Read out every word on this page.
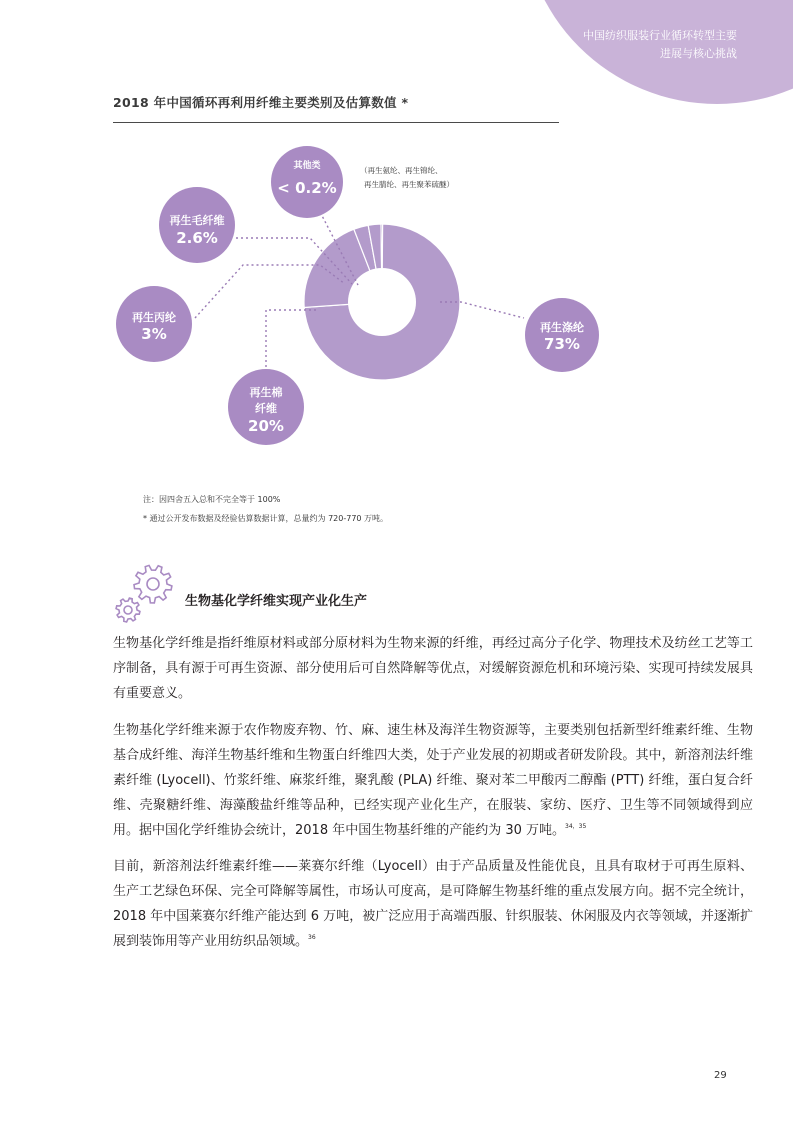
中国纺织服装行业循环转型主要
进展与核心挑战
2018 年中国循环再利用纤维主要类别及估算数值 *
其他类
< 0.2%
再生毛纤维
2.6%
再生丙纶
3%
再生棉
纤维
20%
再生涤纶
73%
（再生氨纶、再生锦纶、
再生腈纶、再生聚苯硫醚）
注：因四舍五入总和不完全等于 100%
* 通过公开发布数据及经验估算数据计算，总量约为 720-770 万吨。
生物基化学纤维实现产业化生产

生物基化学纤维是指纤维原材料或部分原材料为生物来源的纤维，再经过高分子化学、物理技术及纺丝工艺等工序制备，具有源于可再生资源、部分使用后可自然降解等优点，对缓解资源危机和环境污染、实现可持续发展具有重要意义。

生物基化学纤维来源于农作物废弃物、竹、麻、速生林及海洋生物资源等，主要类别包括新型纤维素纤维、生物基合成纤维、海洋生物基纤维和生物蛋白纤维四大类，处于产业发展的初期或者研发阶段。其中，新溶剂法纤维素纤维 (Lyocell)、竹浆纤维、麻浆纤维，聚乳酸 (PLA) 纤维、聚对苯二甲酸丙二醇酯 (PTT) 纤维，蛋白复合纤维、壳聚糖纤维、海藻酸盐纤维等品种，已经实现产业化生产，在服装、家纺、医疗、卫生等不同领域得到应用。据中国化学纤维协会统计，2018 年中国生物基纤维的产能约为 30 万吨。$^{34,35}$

目前，新溶剂法纤维素纤维——莱赛尔纤维（Lyocell）由于产品质量及性能优良，且具有取材于可再生原料、生产工艺绿色环保、完全可降解等属性，市场认可度高，是可降解生物基纤维的重点发展方向。据不完全统计，2018 年中国莱赛尔纤维产能达到 6 万吨，被广泛应用于高端西服、针织服装、休闲服及内衣等领域，并逐渐扩展到装饰用等产业用纺织品领域。$^{36}$

29
